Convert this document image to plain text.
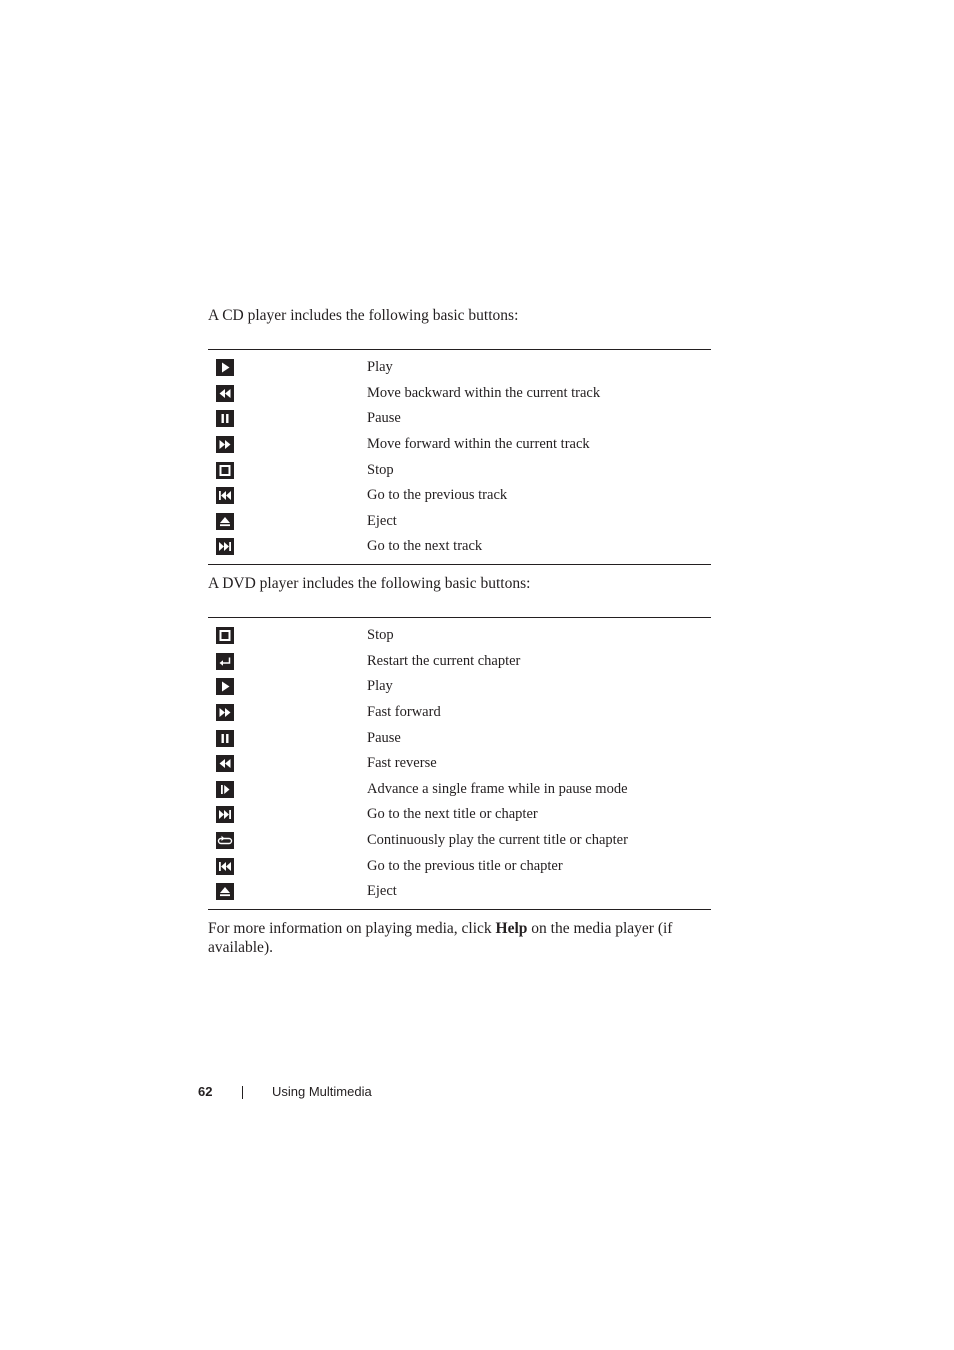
A CD player includes the following basic buttons:

	Play

	Move backward within the current track

	Pause

	Move forward within the current track

	Stop

	Go to the previous track

	Eject

	Go to the next track

A DVD player includes the following basic buttons:

	Stop

	Restart the current chapter

	Play

	Fast forward

	Pause

	Fast reverse

	Advance a single frame while in pause mode

	Go to the next title or chapter

	Continuously play the current title or chapter

	Go to the previous title or chapter

	Eject

For more information on playing media, click Help on the media player (if available).

62	Using Multimedia
